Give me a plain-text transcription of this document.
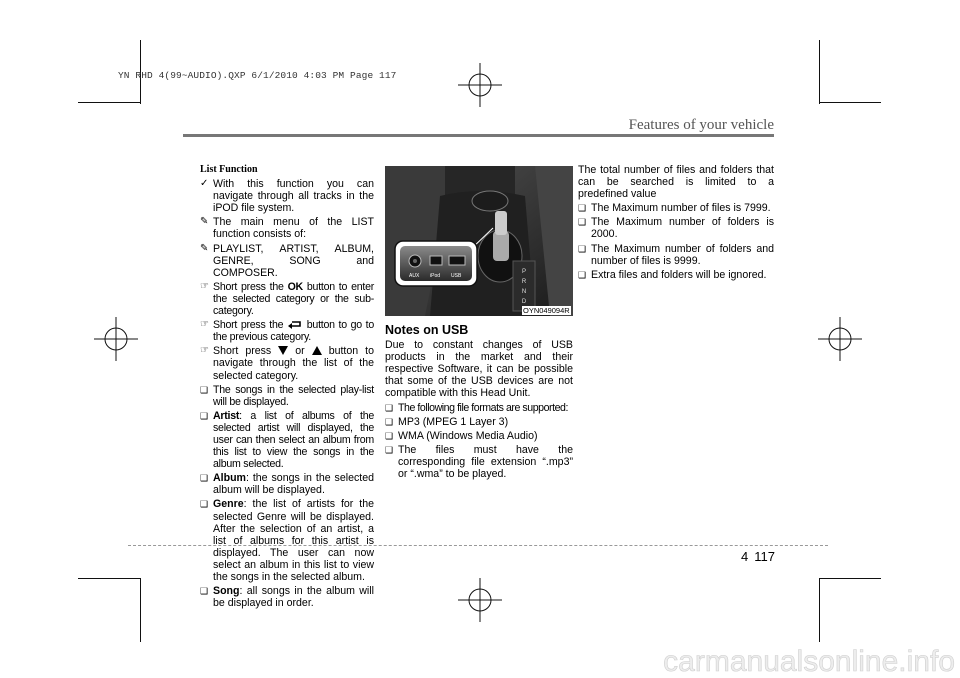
YN RHD 4(99~AUDIO).QXP 6/1/2010 4:03 PM Page 117
Features of your vehicle
List Function
✓ With this function you can navigate through all tracks in the iPOD file system.
✎ The main menu of the LIST function consists of:
✎ PLAYLIST, ARTIST, ALBUM, GENRE, SONG and COMPOSER.
☞ Short press the OK button to enter the selected category or the sub-category.
☞ Short press the  button to go to the previous category.
☞ Short press  or  button to navigate through the list of the selected category.
❑ The songs in the selected play-list will be displayed.
❑ Artist: a list of albums of the selected artist will displayed, the user can then select an album from this list to view the songs in the album selected.
❑ Album: the songs in the selected album will be displayed.
❑ Genre: the list of artists for the selected Genre will be displayed. After the selection of an artist, a list of albums for this artist is displayed. The user can now select an album in this list to view the songs in the selected album.
❑ Song: all songs in the album will be displayed in order.
P
R
N
D
AUX iPod USB
OYN049094R
Notes on USB

Due to constant changes of USB products in the market and their respective Software, it can be possible that some of the USB devices are not compatible with this Head Unit.

❑ The following file formats are supported:
❑ MP3 (MPEG 1 Layer 3)
❑ WMA (Windows Media Audio)
❑ The files must have the corresponding file extension “.mp3” or “.wma” to be played.

The total number of files and folders that can be searched is limited to a predefined value

❑ The Maximum number of files is 7999.
❑ The Maximum number of folders is 2000.
❑ The Maximum number of folders and number of files is 9999.
❑ Extra files and folders will be ignored.
4 117
carmanualsonline.info
